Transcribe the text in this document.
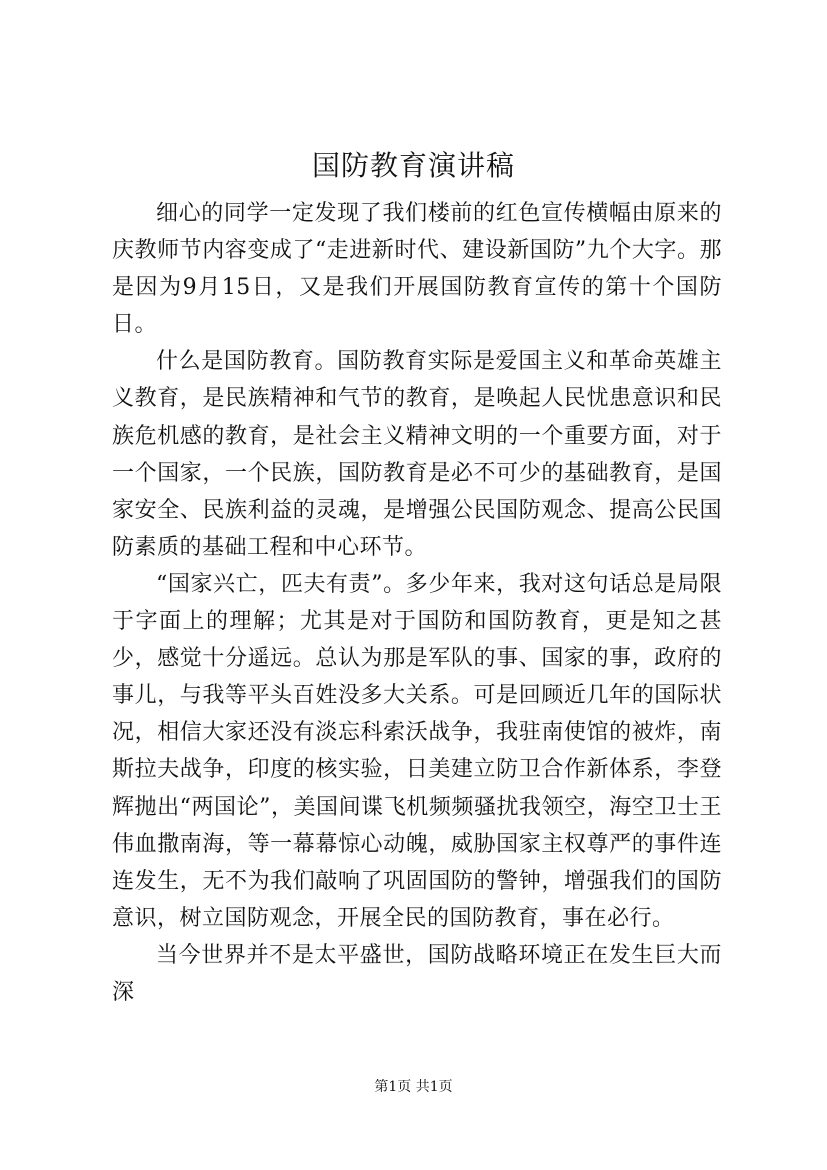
国防教育演讲稿

细心的同学一定发现了我们楼前的红色宣传横幅由原来的庆教师节内容变成了“走进新时代、建设新国防”九个大字。那是因为9月15日，又是我们开展国防教育宣传的第十个国防日。

什么是国防教育。国防教育实际是爱国主义和革命英雄主义教育，是民族精神和气节的教育，是唤起人民忧患意识和民族危机感的教育，是社会主义精神文明的一个重要方面，对于一个国家，一个民族，国防教育是必不可少的基础教育，是国家安全、民族利益的灵魂，是增强公民国防观念、提高公民国防素质的基础工程和中心环节。

“国家兴亡，匹夫有责”。多少年来，我对这句话总是局限于字面上的理解；尤其是对于国防和国防教育，更是知之甚少，感觉十分遥远。总认为那是军队的事、国家的事，政府的事儿，与我等平头百姓没多大关系。可是回顾近几年的国际状况，相信大家还没有淡忘科索沃战争，我驻南使馆的被炸，南斯拉夫战争，印度的核实验，日美建立防卫合作新体系，李登辉抛出“两国论”，美国间谍飞机频频骚扰我领空，海空卫士王伟血撒南海，等一幕幕惊心动魄，威胁国家主权尊严的事件连连发生，无不为我们敲响了巩固国防的警钟，增强我们的国防意识，树立国防观念，开展全民的国防教育，事在必行。

当今世界并不是太平盛世，国防战略环境正在发生巨大而深

第1页 共1页
